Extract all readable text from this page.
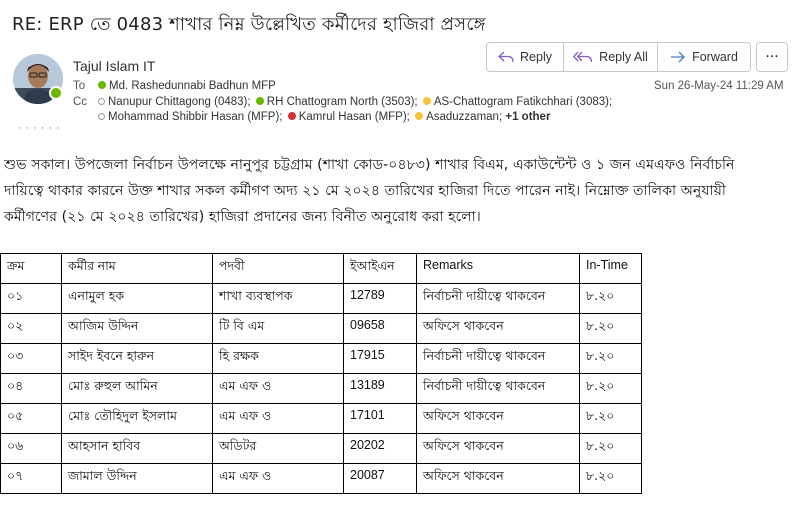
RE: ERP তে 0483 শাখার নিম্ন উল্লেখিত কর্মীদের হাজিরা প্রসঙ্গে
Tajul Islam IT
To	Md. Rashedunnabi Badhun MFP
Cc	Nanupur Chittagong (0483); RH Chattogram North (3503); AS-Chattogram Fatikchhari (3083);
Mohammad Shibbir Hasan (MFP); Kamrul Hasan (MFP); Asaduzzaman; +1 other
Reply	Reply All	Forward ···
Sun 26-May-24 11:29 AM
· · · · · ·
শুভ সকাল। উপজেলা নির্বাচন উপলক্ষে নানুপুর চট্টগ্রাম (শাখা কোড-০৪৮৩) শাখার বিএম, একাউন্টেন্ট ও ১ জন এমএফও নির্বাচনি
দায়িত্বে থাকার কারনে উক্ত শাখার সকল কর্মীগণ অদ্য ২১ মে ২০২৪ তারিখের হাজিরা দিতে পারেন নাই। নিম্নোক্ত তালিকা অনুযায়ী
কর্মীগণের (২১ মে ২০২৪ তারিখের) হাজিরা প্রদানের জন্য বিনীত অনুরোধ করা হলো।
ক্রম	কর্মীর নাম	পদবী	ইআইএন	Remarks	In-Time
০১	এনামুল হক	শাখা ব্যবস্থাপক	12789	নির্বাচনী দায়ীত্বে থাকবেন	৮.২০
০২	আজিম উদ্দিন	টি বি এম	09658	অফিসে থাকবেন	৮.২০
০৩	সাইদ ইবনে হারুন	হি রক্ষক	17915	নির্বাচনী দায়ীত্বে থাকবেন	৮.২০
০৪	মোঃ রুহুল আমিন	এম এফ ও	13189	নির্বাচনী দায়ীত্বে থাকবেন	৮.২০
০৫	মোঃ তৌহিদুল ইসলাম	এম এফ ও	17101	অফিসে থাকবেন	৮.২০
০৬	আহসান হাবিব	অডিটর	20202	অফিসে থাকবেন	৮.২০
০৭	জামাল উদ্দিন	এম এফ ও	20087	অফিসে থাকবেন	৮.২০
